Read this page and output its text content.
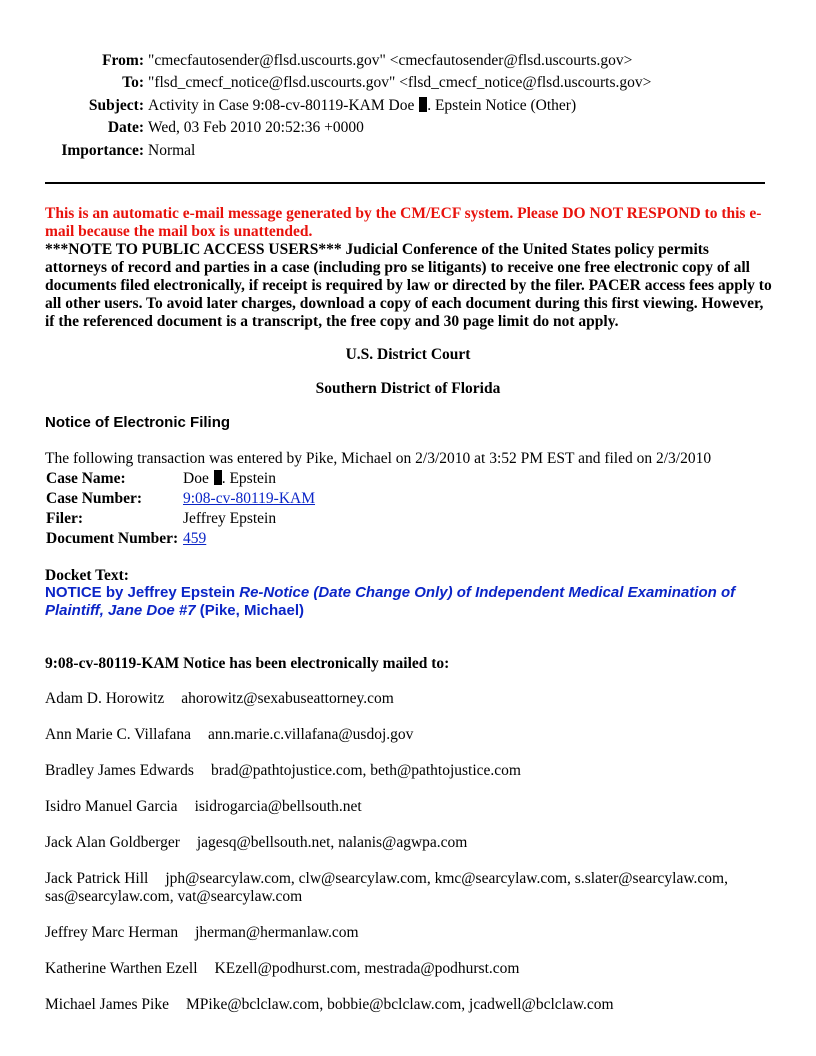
From:	"cmecfautosender@flsd.uscourts.gov" <cmecfautosender@flsd.uscourts.gov>
To:	"flsd_cmecf_notice@flsd.uscourts.gov" <flsd_cmecf_notice@flsd.uscourts.gov>
Subject:	Activity in Case 9:08-cv-80119-KAM Doe . Epstein Notice (Other)
Date:	Wed, 03 Feb 2010 20:52:36 +0000
Importance:	Normal
This is an automatic e-mail message generated by the CM/ECF system. Please DO NOT RESPOND to this e-mail because the mail box is unattended.
***NOTE TO PUBLIC ACCESS USERS*** Judicial Conference of the United States policy permits attorneys of record and parties in a case (including pro se litigants) to receive one free electronic copy of all documents filed electronically, if receipt is required by law or directed by the filer. PACER access fees apply to all other users. To avoid later charges, download a copy of each document during this first viewing. However, if the referenced document is a transcript, the free copy and 30 page limit do not apply.
U.S. District Court
Southern District of Florida
Notice of Electronic Filing
The following transaction was entered by Pike, Michael on 2/3/2010 at 3:52 PM EST and filed on 2/3/2010
Case Name:	Doe . Epstein
Case Number:	9:08-cv-80119-KAM
Filer:	Jeffrey Epstein
Document Number:	459
Docket Text:
NOTICE by Jeffrey Epstein Re-Notice (Date Change Only) of Independent Medical Examination of Plaintiff, Jane Doe #7 (Pike, Michael)
9:08-cv-80119-KAM Notice has been electronically mailed to:
Adam D. Horowitz ahorowitz@sexabuseattorney.com
Ann Marie C. Villafana ann.marie.c.villafana@usdoj.gov
Bradley James Edwards brad@pathtojustice.com, beth@pathtojustice.com
Isidro Manuel Garcia isidrogarcia@bellsouth.net
Jack Alan Goldberger jagesq@bellsouth.net, nalanis@agwpa.com
Jack Patrick Hill jph@searcylaw.com, clw@searcylaw.com, kmc@searcylaw.com, s.slater@searcylaw.com, sas@searcylaw.com, vat@searcylaw.com
Jeffrey Marc Herman jherman@hermanlaw.com
Katherine Warthen Ezell KEzell@podhurst.com, mestrada@podhurst.com
Michael James Pike MPike@bclclaw.com, bobbie@bclclaw.com, jcadwell@bclclaw.com
